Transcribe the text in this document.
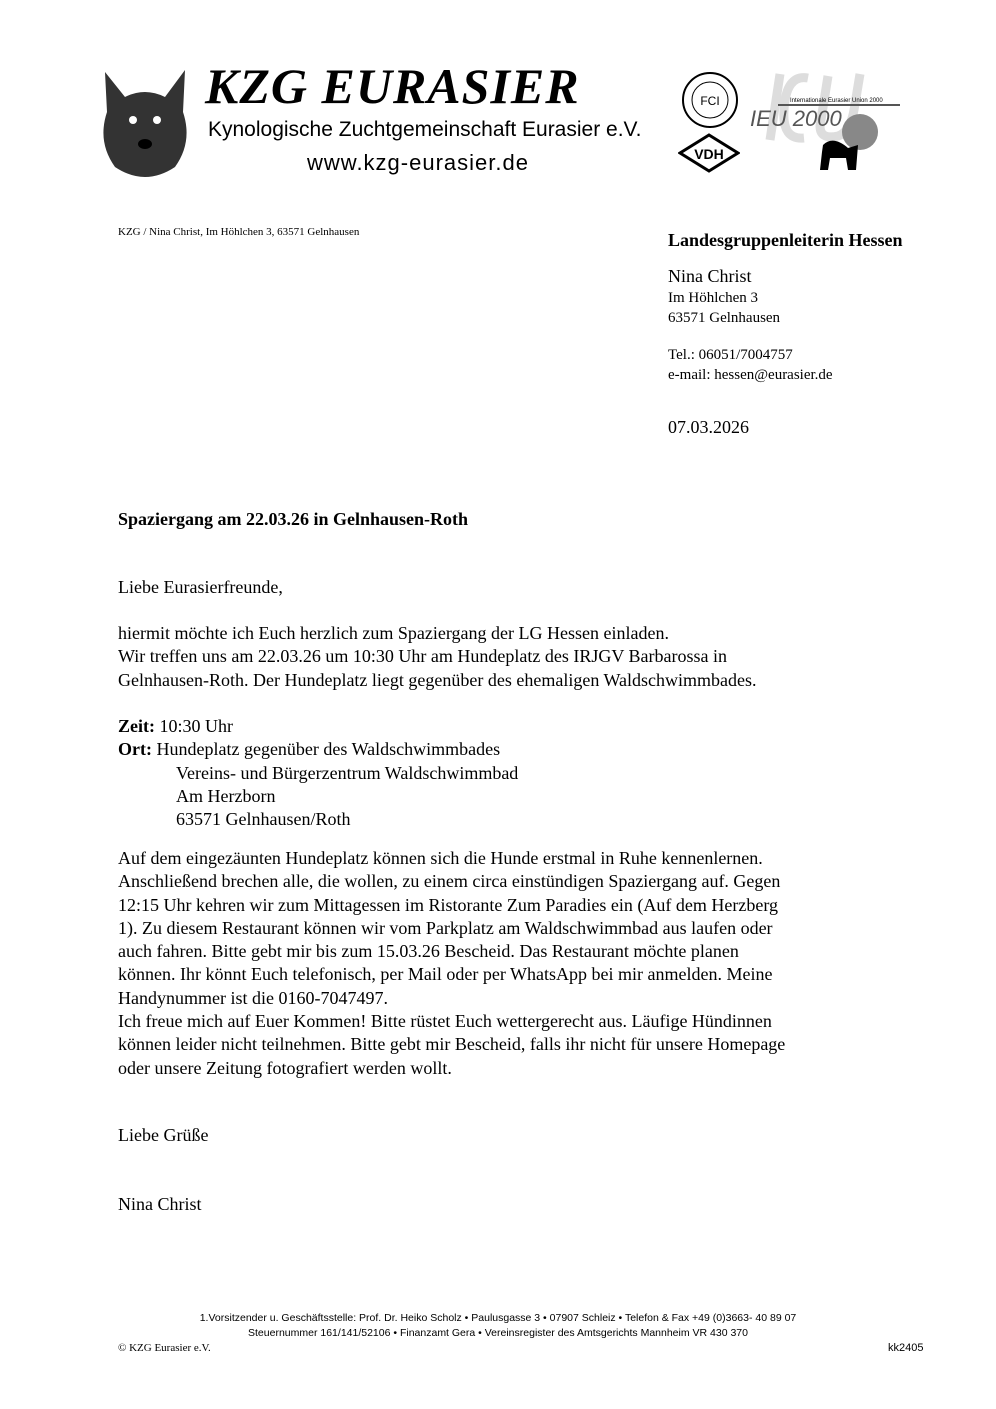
KZG EURASIER
Kynologische Zuchtgemeinschaft Eurasier e.V.
www.kzg-eurasier.de
FCI
VDH
Internationale Eurasier Union 2000
IEU 2000
KZG / Nina Christ, Im Höhlchen 3, 63571 Gelnhausen	Landesgruppenleiterin Hessen
Nina Christ
Im Höhlchen 3
63571 Gelnhausen
Tel.: 06051/7004757
e-mail: hessen@eurasier.de
07.03.2026
Spaziergang am 22.03.26 in Gelnhausen-Roth
Liebe Eurasierfreunde,

hiermit möchte ich Euch herzlich zum Spaziergang der LG Hessen einladen.

Wir treffen uns am 22.03.26 um 10:30 Uhr am Hundeplatz des IRJGV Barbarossa in

Gelnhausen-Roth. Der Hundeplatz liegt gegenüber des ehemaligen Waldschwimmbades.

Zeit: 10:30 Uhr

Ort: Hundeplatz gegenüber des Waldschwimmbades

Vereins- und Bürgerzentrum Waldschwimmbad

Am Herzborn

63571 Gelnhausen/Roth

Auf dem eingezäunten Hundeplatz können sich die Hunde erstmal in Ruhe kennenlernen.

Anschließend brechen alle, die wollen, zu einem circa einstündigen Spaziergang auf. Gegen

12:15 Uhr kehren wir zum Mittagessen im Ristorante Zum Paradies ein (Auf dem Herzberg

1). Zu diesem Restaurant können wir vom Parkplatz am Waldschwimmbad aus laufen oder

auch fahren. Bitte gebt mir bis zum 15.03.26 Bescheid. Das Restaurant möchte planen

können. Ihr könnt Euch telefonisch, per Mail oder per WhatsApp bei mir anmelden. Meine

Handynummer ist die 0160-7047497.

Ich freue mich auf Euer Kommen! Bitte rüstet Euch wettergerecht aus. Läufige Hündinnen

können leider nicht teilnehmen. Bitte gebt mir Bescheid, falls ihr nicht für unsere Homepage

oder unsere Zeitung fotografiert werden wollt.

Liebe Grüße
Nina Christ
1.Vorsitzender u. Geschäftsstelle: Prof. Dr. Heiko Scholz • Paulusgasse 3 • 07907 Schleiz • Telefon & Fax +49 (0)3663- 40 89 07
Steuernummer 161/141/52106 • Finanzamt Gera • Vereinsregister des Amtsgerichts Mannheim VR 430 370
© KZG Eurasier e.V.	kk2405
